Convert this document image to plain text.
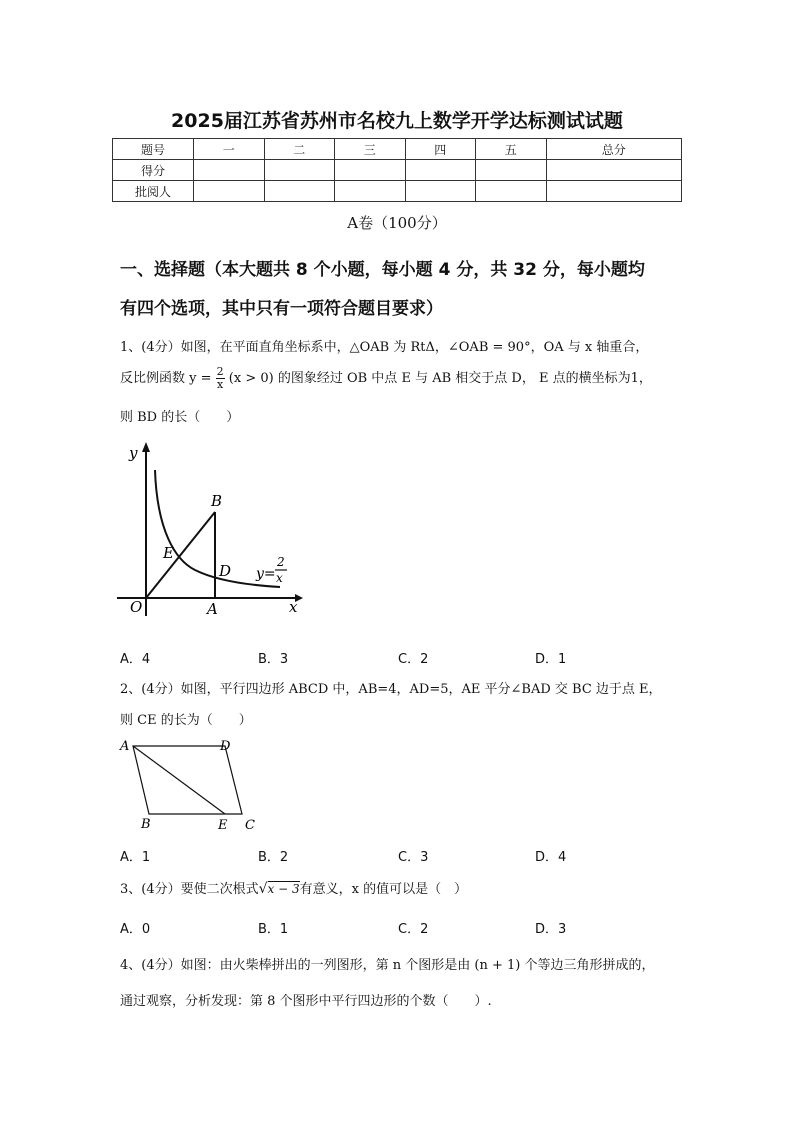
2025届江苏省苏州市名校九上数学开学达标测试试题
题号	一	二	三	四	五	总分
得分						
批阅人						
A卷（100分）
一、选择题（本大题共 8 个小题，每小题 4 分，共 32 分，每小题均
有四个选项，其中只有一项符合题目要求）
1、(4分）如图，在平面直角坐标系中，△OAB 为 RtΔ，∠OAB = 90°，OA 与 x 轴重合，
反比例函数 $y = \frac{2}{x} (x > 0)$ 的图象经过 OB 中点 E 与 AB 相交于点 D， E 点的横坐标为1，
则 BD 的长（　　）
y
x
O	A
B
D
E
y=
2
x
A．4	B．3	C．2	D．1
2、(4分）如图，平行四边形 ABCD 中，AB=4，AD=5，AE 平分∠BAD 交 BC 边于点 E，
则 CE 的长为（　　）
A	D
B	E C
A．1	B．2	C．3	D．4
3、(4分）要使二次根式√x − 3有意义，x 的值可以是（　）
A．0	B．1	C．2	D．3
4、(4分）如图：由火柴棒拼出的一列图形，第 n 个图形是由 (n + 1) 个等边三角形拼成的，
通过观察，分析发现：第 8 个图形中平行四边形的个数（　　）.
